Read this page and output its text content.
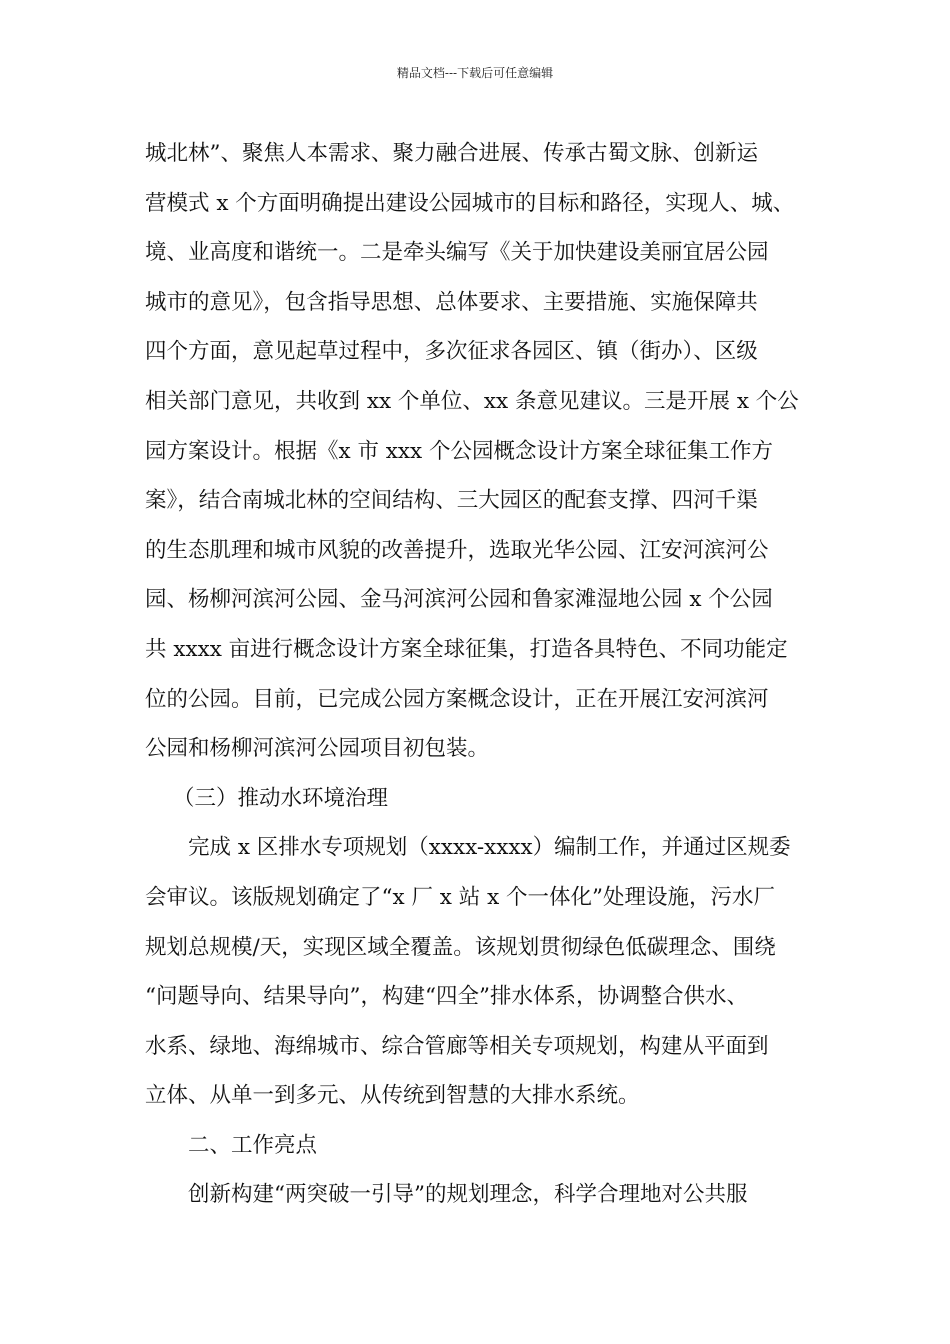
精品文档---下载后可任意编辑
城北林”、聚焦人本需求、聚力融合进展、传承古蜀文脉、创新运
营模式 x 个方面明确提出建设公园城市的目标和路径，实现人、城、
境、业高度和谐统一。二是牵头编写《关于加快建设美丽宜居公园
城市的意见》，包含指导思想、总体要求、主要措施、实施保障共
四个方面，意见起草过程中，多次征求各园区、镇（街办）、区级
相关部门意见，共收到 xx 个单位、xx 条意见建议。三是开展 x 个公
园方案设计。根据《x 市 xxx 个公园概念设计方案全球征集工作方
案》，结合南城北林的空间结构、三大园区的配套支撑、四河千渠
的生态肌理和城市风貌的改善提升，选取光华公园、江安河滨河公
园、杨柳河滨河公园、金马河滨河公园和鲁家滩湿地公园 x 个公园
共 xxxx 亩进行概念设计方案全球征集，打造各具特色、不同功能定
位的公园。目前，已完成公园方案概念设计，正在开展江安河滨河
公园和杨柳河滨河公园项目初包装。
（三）推动水环境治理
完成 x 区排水专项规划（xxxx-xxxx）编制工作，并通过区规委
会审议。该版规划确定了“x 厂 x 站 x 个一体化”处理设施，污水厂
规划总规模/天，实现区域全覆盖。该规划贯彻绿色低碳理念、围绕
“问题导向、结果导向”，构建“四全”排水体系，协调整合供水、
水系、绿地、海绵城市、综合管廊等相关专项规划，构建从平面到
立体、从单一到多元、从传统到智慧的大排水系统。
二、工作亮点
创新构建“两突破一引导”的规划理念，科学合理地对公共服
